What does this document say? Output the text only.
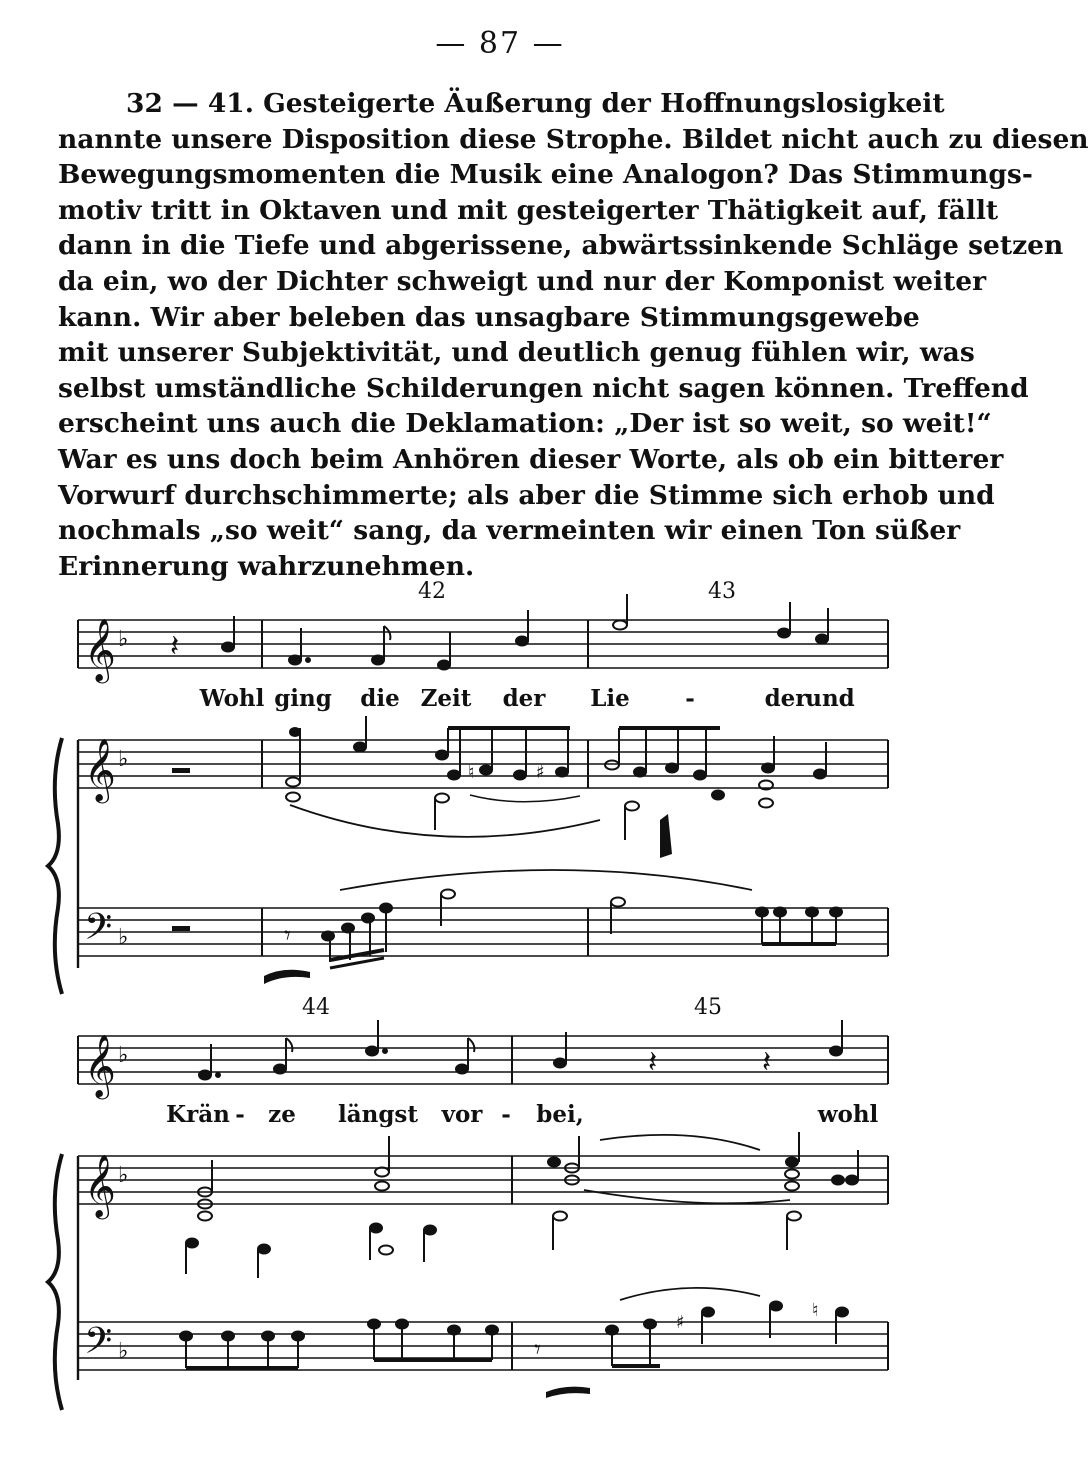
— 87 —
32 — 41. Gesteigerte Äußerung der Hoffnungslosigkeit
nannte unsere Disposition diese Strophe. Bildet nicht auch zu diesen
Bewegungsmomenten die Musik eine Analogon? Das Stimmungs-
motiv tritt in Oktaven und mit gesteigerter Thätigkeit auf, fällt
dann in die Tiefe und abgerissene, abwärtssinkende Schläge setzen
da ein, wo der Dichter schweigt und nur der Komponist weiter
kann. Wir aber beleben das unsagbare Stimmungsgewebe
mit unserer Subjektivität, und deutlich genug fühlen wir, was
selbst umständliche Schilderungen nicht sagen können. Treffend
erscheint uns auch die Deklamation: „Der ist so weit, so weit!“
War es uns doch beim Anhören dieser Worte, als ob ein bitterer
Vorwurf durchschimmerte; als aber die Stimme sich erhob und
nochmals „so weit“ sang, da vermeinten wir einen Ton süßer
Erinnerung wahrzunehmen.
42	43
𝄞 ♭ 𝄽
Wohl ging die Zeit der Lie -	der
und
𝄞 ♭
♮	♯
𝄢 ♭	𝄾
44	45
𝄞 ♭	𝄽	𝄽
Krän - ze längst vor - bei,	wohl
𝄞 ♭
𝄢 ♭	𝄾
♯
♮
